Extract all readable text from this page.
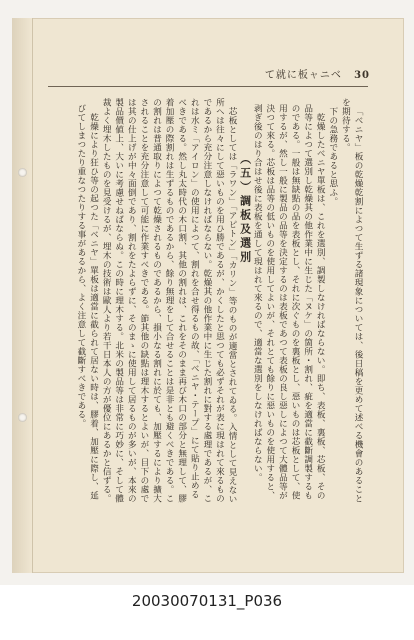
て就に板ャニベ 30

「ベニヤ」板の乾燥乾割によつて生ずる諸現象については、後日稿を更めて述べる機會のあることを期待する。

下の急務であると思ふ。

乾燥したベニヤ單板は、これを選別、調製しなければならない。即ち、表板、裏板、芯板、その品等によつて選別し乾燥其の他作業中に生じた「ヌケ」の箇所・割れ、疵を適當に截斷調製するものである。一般は無缺點の品を表板とし、それに次ぐものを裏板とし、惡いものは芯板として、使用するが、然し一般に製品の品等を決定するのは表板であつて表板の良し惡しによつて大體品等が決つて來る。芯板は品等の低いものを使用してよいが、それとても餘りに惡いものを使用すると、剥ぎ後のはり合はせ後に表板を通して現はれて來るので、適當な選別をしなければならない。

（五）調板及選別

芯板としては「ラワン」「アピトン」「カリン」等のものが適當とされてゐる。入情として見えない所へは往々にして惡いものを用ひ勝であるが、かくしたと思つても必ずそれが表に現はれて來るものであるから充分注意しなければならない。乾燥其の他作業中に生じた割れに對する處理であるが、これは水ミ「アイロン」の使用によつて、割れを合せ得るもの故、「ベニヤ・テープ」にて貼り止めるべきである。然し丸太時代の木口割、其他の割れは、これをそのまま再び木口の部分と無理して、膠着加壓の際割れは生ずるものであるから、餘り無理をして合せることは是非とも避くべきである。この割れは普通取りによつて乾燥されるものであるから、損小なる割れに於ても、加壓するにより擴大されることを充分注意して可能に作業すべきである。節其他の缺點は理木するとよいが、目下の處では其の仕上げが中々面倒であり、割れをたよらずに、そのまゝに使用して居るものが多いが、本來の製品價値上、大いに考慮せねばならぬ。この時に理木する。北米の製品等は非常に巧妙に、そして體裁よく埋木したものを見受けるが、埋木の技術は歐人より若干日本人の方が優位にあるかと信ずる。

乾燥により狂ひ等の起つた「ベニヤ」單板は適當に截られて居ない時は、膠着、加壓に際し、延びてしまつたり重なつたりする事があるから、よく注意して截斷すべきである。

20030070131_P036
